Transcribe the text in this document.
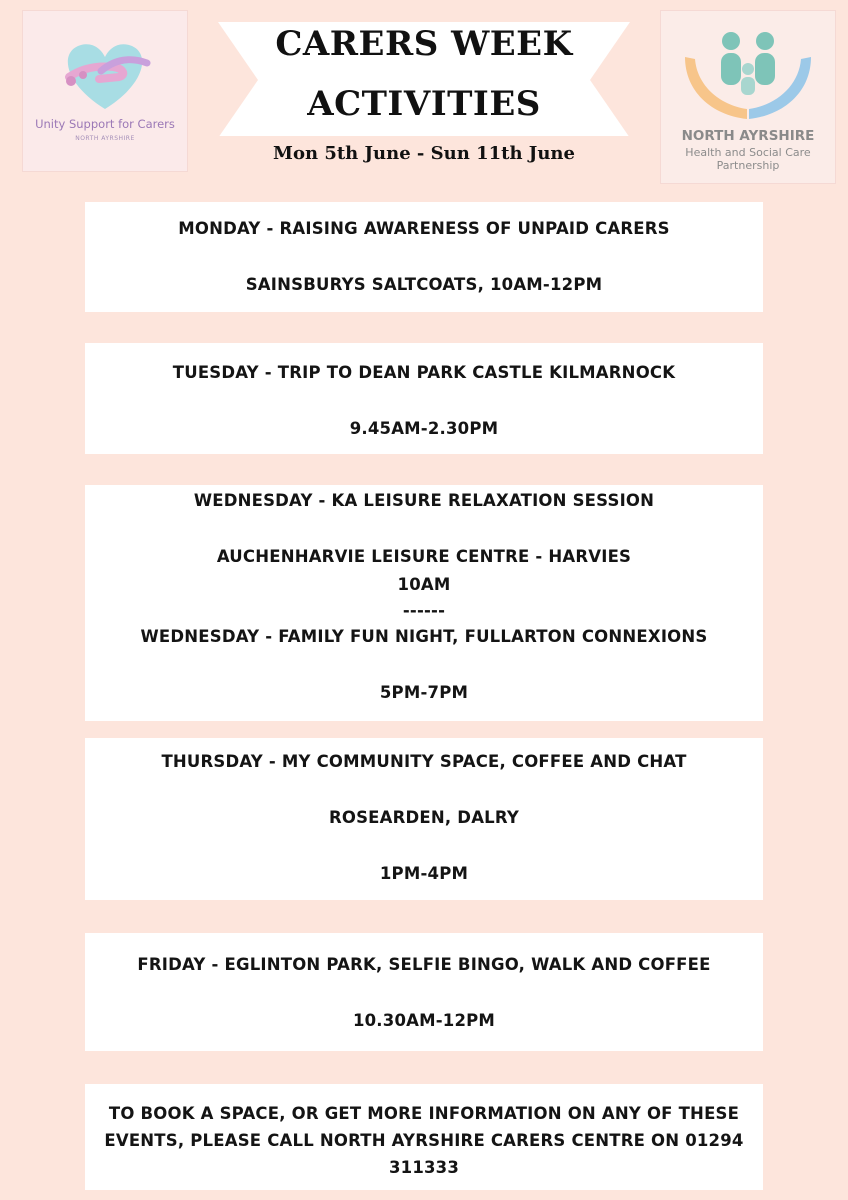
Unity Support for Carers
NORTH AYRSHIRE
CARERS WEEK
ACTIVITIES
Mon 5th June - Sun 11th June
NORTH AYRSHIRE
Health and Social Care
Partnership
MONDAY - RAISING AWARENESS OF UNPAID CARERS
SAINSBURYS SALTCOATS, 10AM-12PM
TUESDAY - TRIP TO DEAN PARK CASTLE KILMARNOCK
9.45AM-2.30PM
WEDNESDAY - KA LEISURE RELAXATION SESSION
AUCHENHARVIE LEISURE CENTRE - HARVIES
10AM
------
WEDNESDAY - FAMILY FUN NIGHT, FULLARTON CONNEXIONS
5PM-7PM
THURSDAY - MY COMMUNITY SPACE, COFFEE AND CHAT
ROSEARDEN, DALRY
1PM-4PM
FRIDAY - EGLINTON PARK, SELFIE BINGO, WALK AND COFFEE
10.30AM-12PM
TO BOOK A SPACE, OR GET MORE INFORMATION ON ANY OF THESE EVENTS, PLEASE CALL NORTH AYRSHIRE CARERS CENTRE ON 01294 311333
